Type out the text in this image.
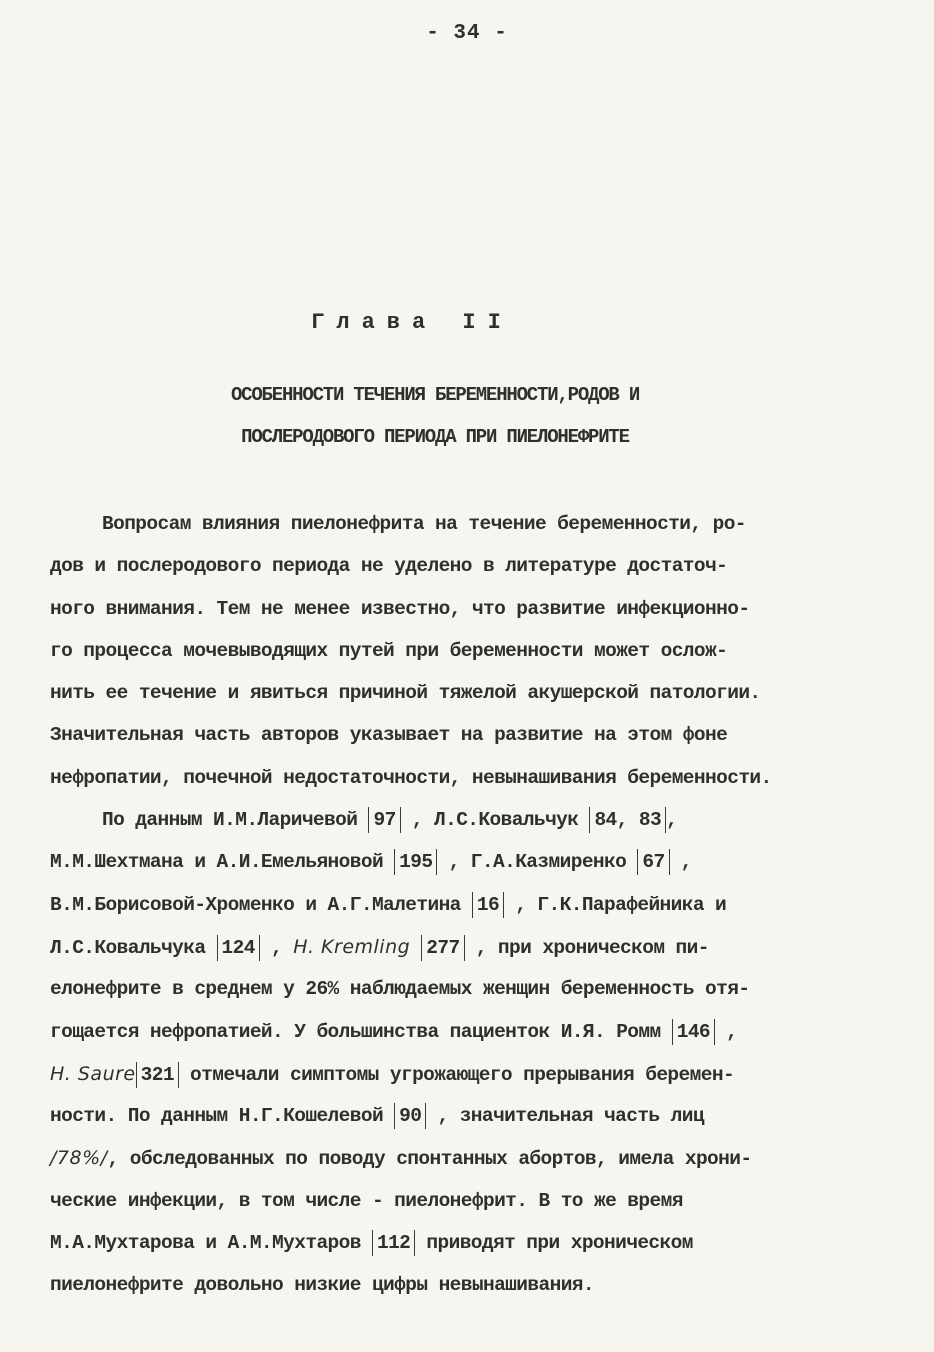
- 34 -
Глава II
ОСОБЕННОСТИ ТЕЧЕНИЯ БЕРЕМЕННОСТИ,РОДОВ И
ПОСЛЕРОДОВОГО ПЕРИОДА ПРИ ПИЕЛОНЕФРИТЕ
Вопросам влияния пиелонефрита на течение беременности, ро-
дов и послеродового периода не уделено в литературе достаточ-
ного внимания. Тем не менее известно, что развитие инфекционно-
го процесса мочевыводящих путей при беременности может ослож-
нить ее течение и явиться причиной тяжелой акушерской патологии.
Значительная часть авторов указывает на развитие на этом фоне
нефропатии, почечной недостаточности, невынашивания беременности.
По данным И.М.Ларичевой 97 , Л.С.Ковальчук 84, 83 ,
М.М.Шехтмана и А.И.Емельяновой 195 , Г.А.Казмиренко 67 ,
В.М.Борисовой-Хроменко и А.Г.Малетина 16 , Г.К.Парафейника и
Л.С.Ковальчука 124 , H. Kremling 277 , при хроническом пи-
елонефрите в среднем у 26% наблюдаемых женщин беременность отя-
гощается нефропатией. У большинства пациенток И.Я. Ромм 146 ,
H. Saure 321 отмечали симптомы угрожающего прерывания беремен-
ности. По данным Н.Г.Кошелевой 90 , значительная часть лиц
/78%/, обследованных по поводу спонтанных абортов, имела хрони-
ческие инфекции, в том числе - пиелонефрит. В то же время
М.А.Мухтарова и А.М.Мухтаров 112 приводят при хроническом
пиелонефрите довольно низкие цифры невынашивания.
